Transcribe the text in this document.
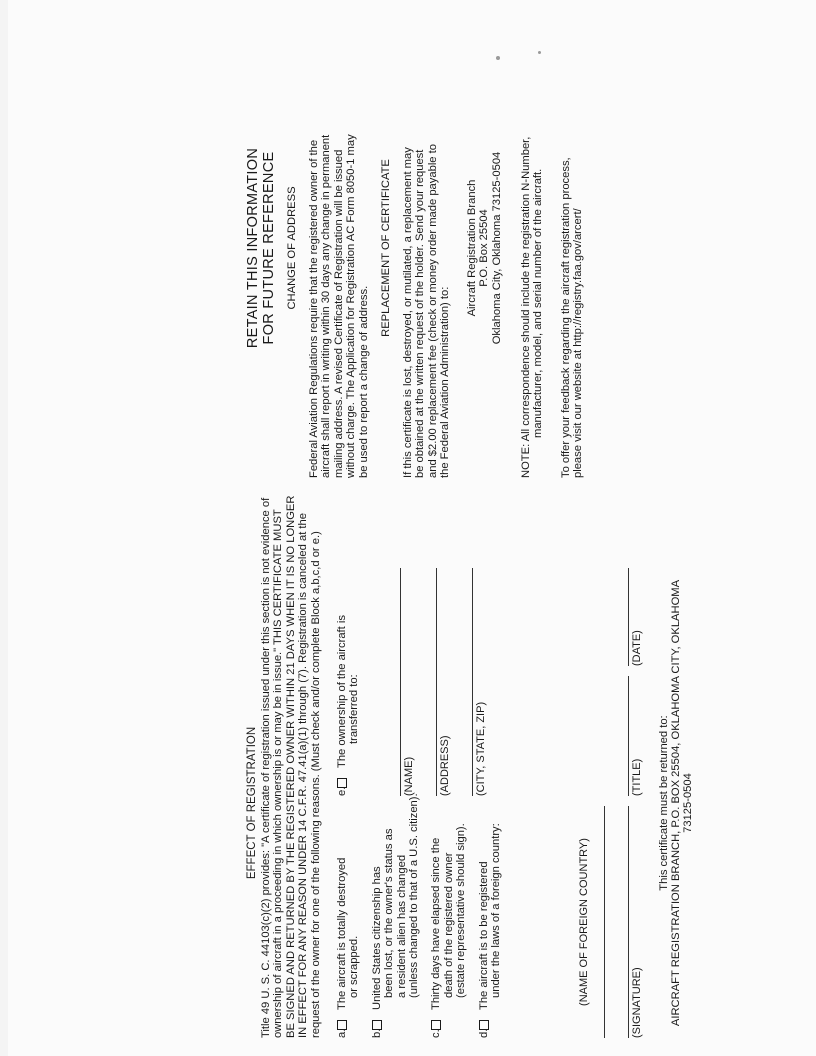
EFFECT OF REGISTRATION Title 49 U. S. C. 44103(c)(2) provides: "A certificate of registration issued under this section is not evidence of ownership of aircraft in a proceeding in which ownership is or may be in issue." THIS CERTIFICATE MUST BE SIGNED AND RETURNED BY THE REGISTERED OWNER WITHIN 21 DAYS WHEN IT IS NO LONGER IN EFFECT FOR ANY REASON UNDER 14 C.F.R. 47.41(a)(1) through (7). Registration is canceled at the request of the owner for one of the following reasons. (Must check and/or complete Block a,b,c,d or e.) a.
The aircraft is totally destroyed or scrapped.
b.
United States citizenship has been lost, or the owner's status as a resident alien has changed (unless changed to that of a U.S. citizen).
c.
Thirty days have elapsed since the death of the registered owner (estate representative should sign).
d.
The aircraft is to be registered under the laws of a foreign country:
e.
The ownership of the aircraft is transferred to:
(NAME) (ADDRESS) (CITY, STATE, ZIP)
(NAME OF FOREIGN COUNTRY)	(SIGNATURE)
(TITLE)
(DATE)
This certificate must be returned to: AIRCRAFT REGISTRATION BRANCH, P.O. BOX 25504, OKLAHOMA CITY, OKLAHOMA 73125-0504
RETAIN THIS INFORMATION FOR FUTURE REFERENCE CHANGE OF ADDRESS Federal Aviation Regulations require that the registered owner of the aircraft shall report in writing within 30 days any change in permanent mailing address. A revised Certificate of Registration will be issued without charge. The Application for Registration AC Form 8050-1 may be used to report a change of address.
REPLACEMENT OF CERTIFICATE If this certificate is lost, destroyed, or mutilated, a replacement may be obtained at the written request of the holder. Send your request and $2.00 replacement fee (check or money order made payable to the Federal Aviation Administration) to:
Aircraft Registration Branch P.O. Box 25504 Oklahoma City, Oklahoma 73125-0504 NOTE: All correspondence should include the registration N-Number, manufacturer, model, and serial number of the aircraft. To offer your feedback regarding the aircraft registration process, please visit our website at http://registry.faa.gov/arcert/
